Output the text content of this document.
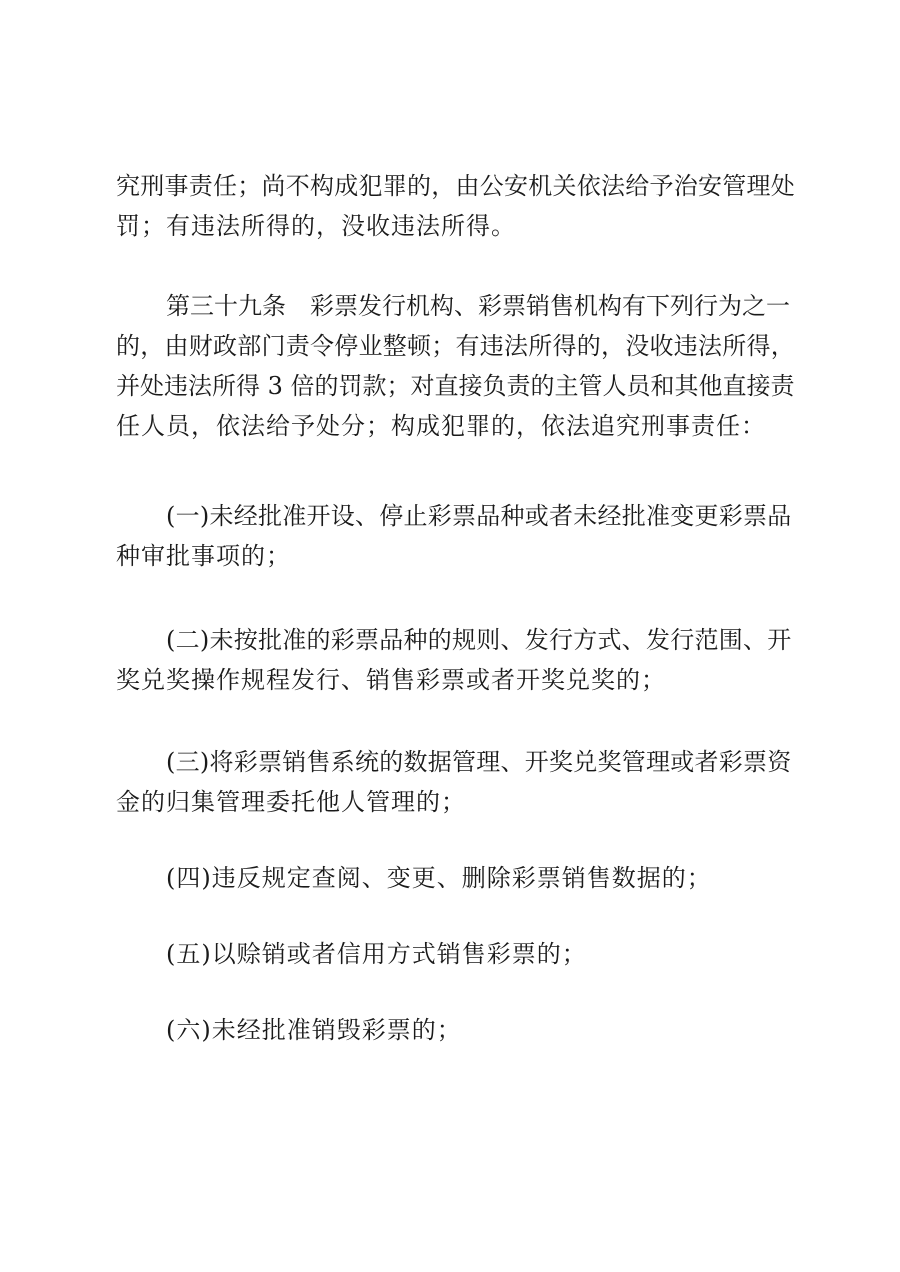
究刑事责任；尚不构成犯罪的，由公安机关依法给予治安管理处
罚；有违法所得的，没收违法所得。
第三十九条　彩票发行机构、彩票销售机构有下列行为之一
的，由财政部门责令停业整顿；有违法所得的，没收违法所得，
并处违法所得 3 倍的罚款；对直接负责的主管人员和其他直接责
任人员，依法给予处分；构成犯罪的，依法追究刑事责任：
(一)未经批准开设、停止彩票品种或者未经批准变更彩票品
种审批事项的；
(二)未按批准的彩票品种的规则、发行方式、发行范围、开
奖兑奖操作规程发行、销售彩票或者开奖兑奖的；
(三)将彩票销售系统的数据管理、开奖兑奖管理或者彩票资
金的归集管理委托他人管理的；
(四)违反规定查阅、变更、删除彩票销售数据的；
(五)以赊销或者信用方式销售彩票的；
(六)未经批准销毁彩票的；
